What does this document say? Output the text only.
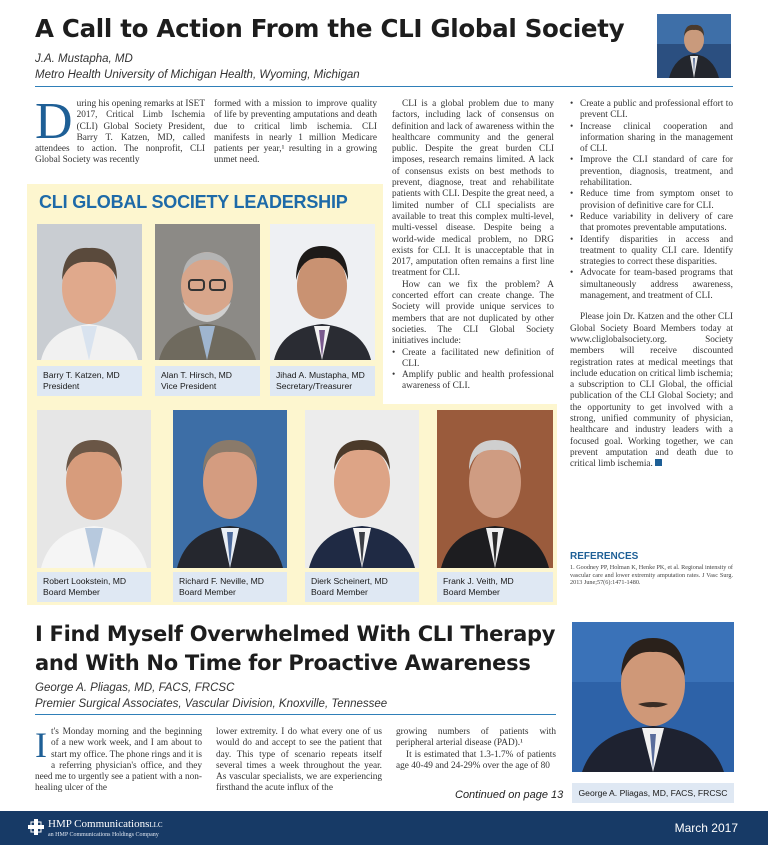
A Call to Action From the CLI Global Society
J.A. Mustapha, MD
Metro Health University of Michigan Health, Wyoming, Michigan
D uring his opening remarks at ISET 2017, Critical Limb Ischemia (CLI) Global Society President, Barry T. Katzen, MD, called attendees to action. The nonprofit, CLI Global Society was recently

formed with a mission to improve quality of life by preventing amputations and death due to critical limb ischemia. CLI manifests in nearly 1 million Medicare patients per year,¹ resulting in a growing unmet need.

CLI is a global problem due to many factors, including lack of consensus on definition and lack of awareness within the healthcare community and the general public. Despite the great burden CLI imposes, research remains limited. A lack of consensus exists on best methods to prevent, diagnose, treat and rehabilitate patients with CLI. Despite the great need, a limited number of CLI specialists are available to treat this complex multi-level, multi-vessel disease. Despite being a world-wide medical problem, no DRG exists for CLI. It is unacceptable that in 2017, amputation often remains a first line treatment for CLI.

How can we fix the problem? A concerted effort can create change. The Society will provide unique services to members that are not duplicated by other societies. The CLI Global Society initiatives include:

• Create a facilitated new definition of CLI.
• Amplify public and health professional awareness of CLI.
• Create a public and professional effort to prevent CLI.
• Increase clinical cooperation and information sharing in the management of CLI.
• Improve the CLI standard of care for prevention, diagnosis, treatment, and rehabilitation.
• Reduce time from symptom onset to provision of definitive care for CLI.
• Reduce variability in delivery of care that promotes preventable amputations.
• Identify disparities in access and treatment to quality CLI care. Identify strategies to correct these disparities.
• Advocate for team-based programs that simultaneously address awareness, management, and treatment of CLI.

Please join Dr. Katzen and the other CLI Global Society Board Members today at www.cliglobalsociety.org. Society members will receive discounted registration rates at medical meetings that include education on critical limb ischemia; a subscription to CLI Global, the official publication of the CLI Global Society; and the opportunity to get involved with a strong, unified community of physician, healthcare and industry leaders with a focused goal. Working together, we can prevent amputation and death due to critical limb ischemia.

REFERENCES
1. Goodney PP, Holman K, Henke PK, et al. Regional intensity of vascular care and lower extremity amputation rates. J Vasc Surg. 2013 June;57(6):1471-1480.
CLI GLOBAL SOCIETY LEADERSHIP
Barry T. Katzen, MD
President
Alan T. Hirsch, MD
Vice President
Jihad A. Mustapha, MD
Secretary/Treasurer
Robert Lookstein, MD
Board Member
Richard F. Neville, MD
Board Member
Dierk Scheinert, MD
Board Member
Frank J. Veith, MD
Board Member
I Find Myself Overwhelmed With CLI Therapy
and With No Time for Proactive Awareness
George A. Pliagas, MD, FACS, FRCSC
Premier Surgical Associates, Vascular Division, Knoxville, Tennessee
George A. Pliagas, MD, FACS, FRCSC
I t's Monday morning and the beginning of a new work week, and I am about to start my office. The phone rings and it is a referring physician's office, and they need me to urgently see a patient with a non-healing ulcer of the

lower extremity. I do what every one of us would do and accept to see the patient that day. This type of scenario repeats itself several times a week throughout the year. As vascular specialists, we are experiencing firsthand the acute influx of the

growing numbers of patients with peripheral arterial disease (PAD).¹

It is estimated that 1.3-1.7% of patients age 40-49 and 24-29% over the age of 80

Continued on page 13
HMP CommunicationsLLC
an HMP Communications Holdings Company	March 2017
